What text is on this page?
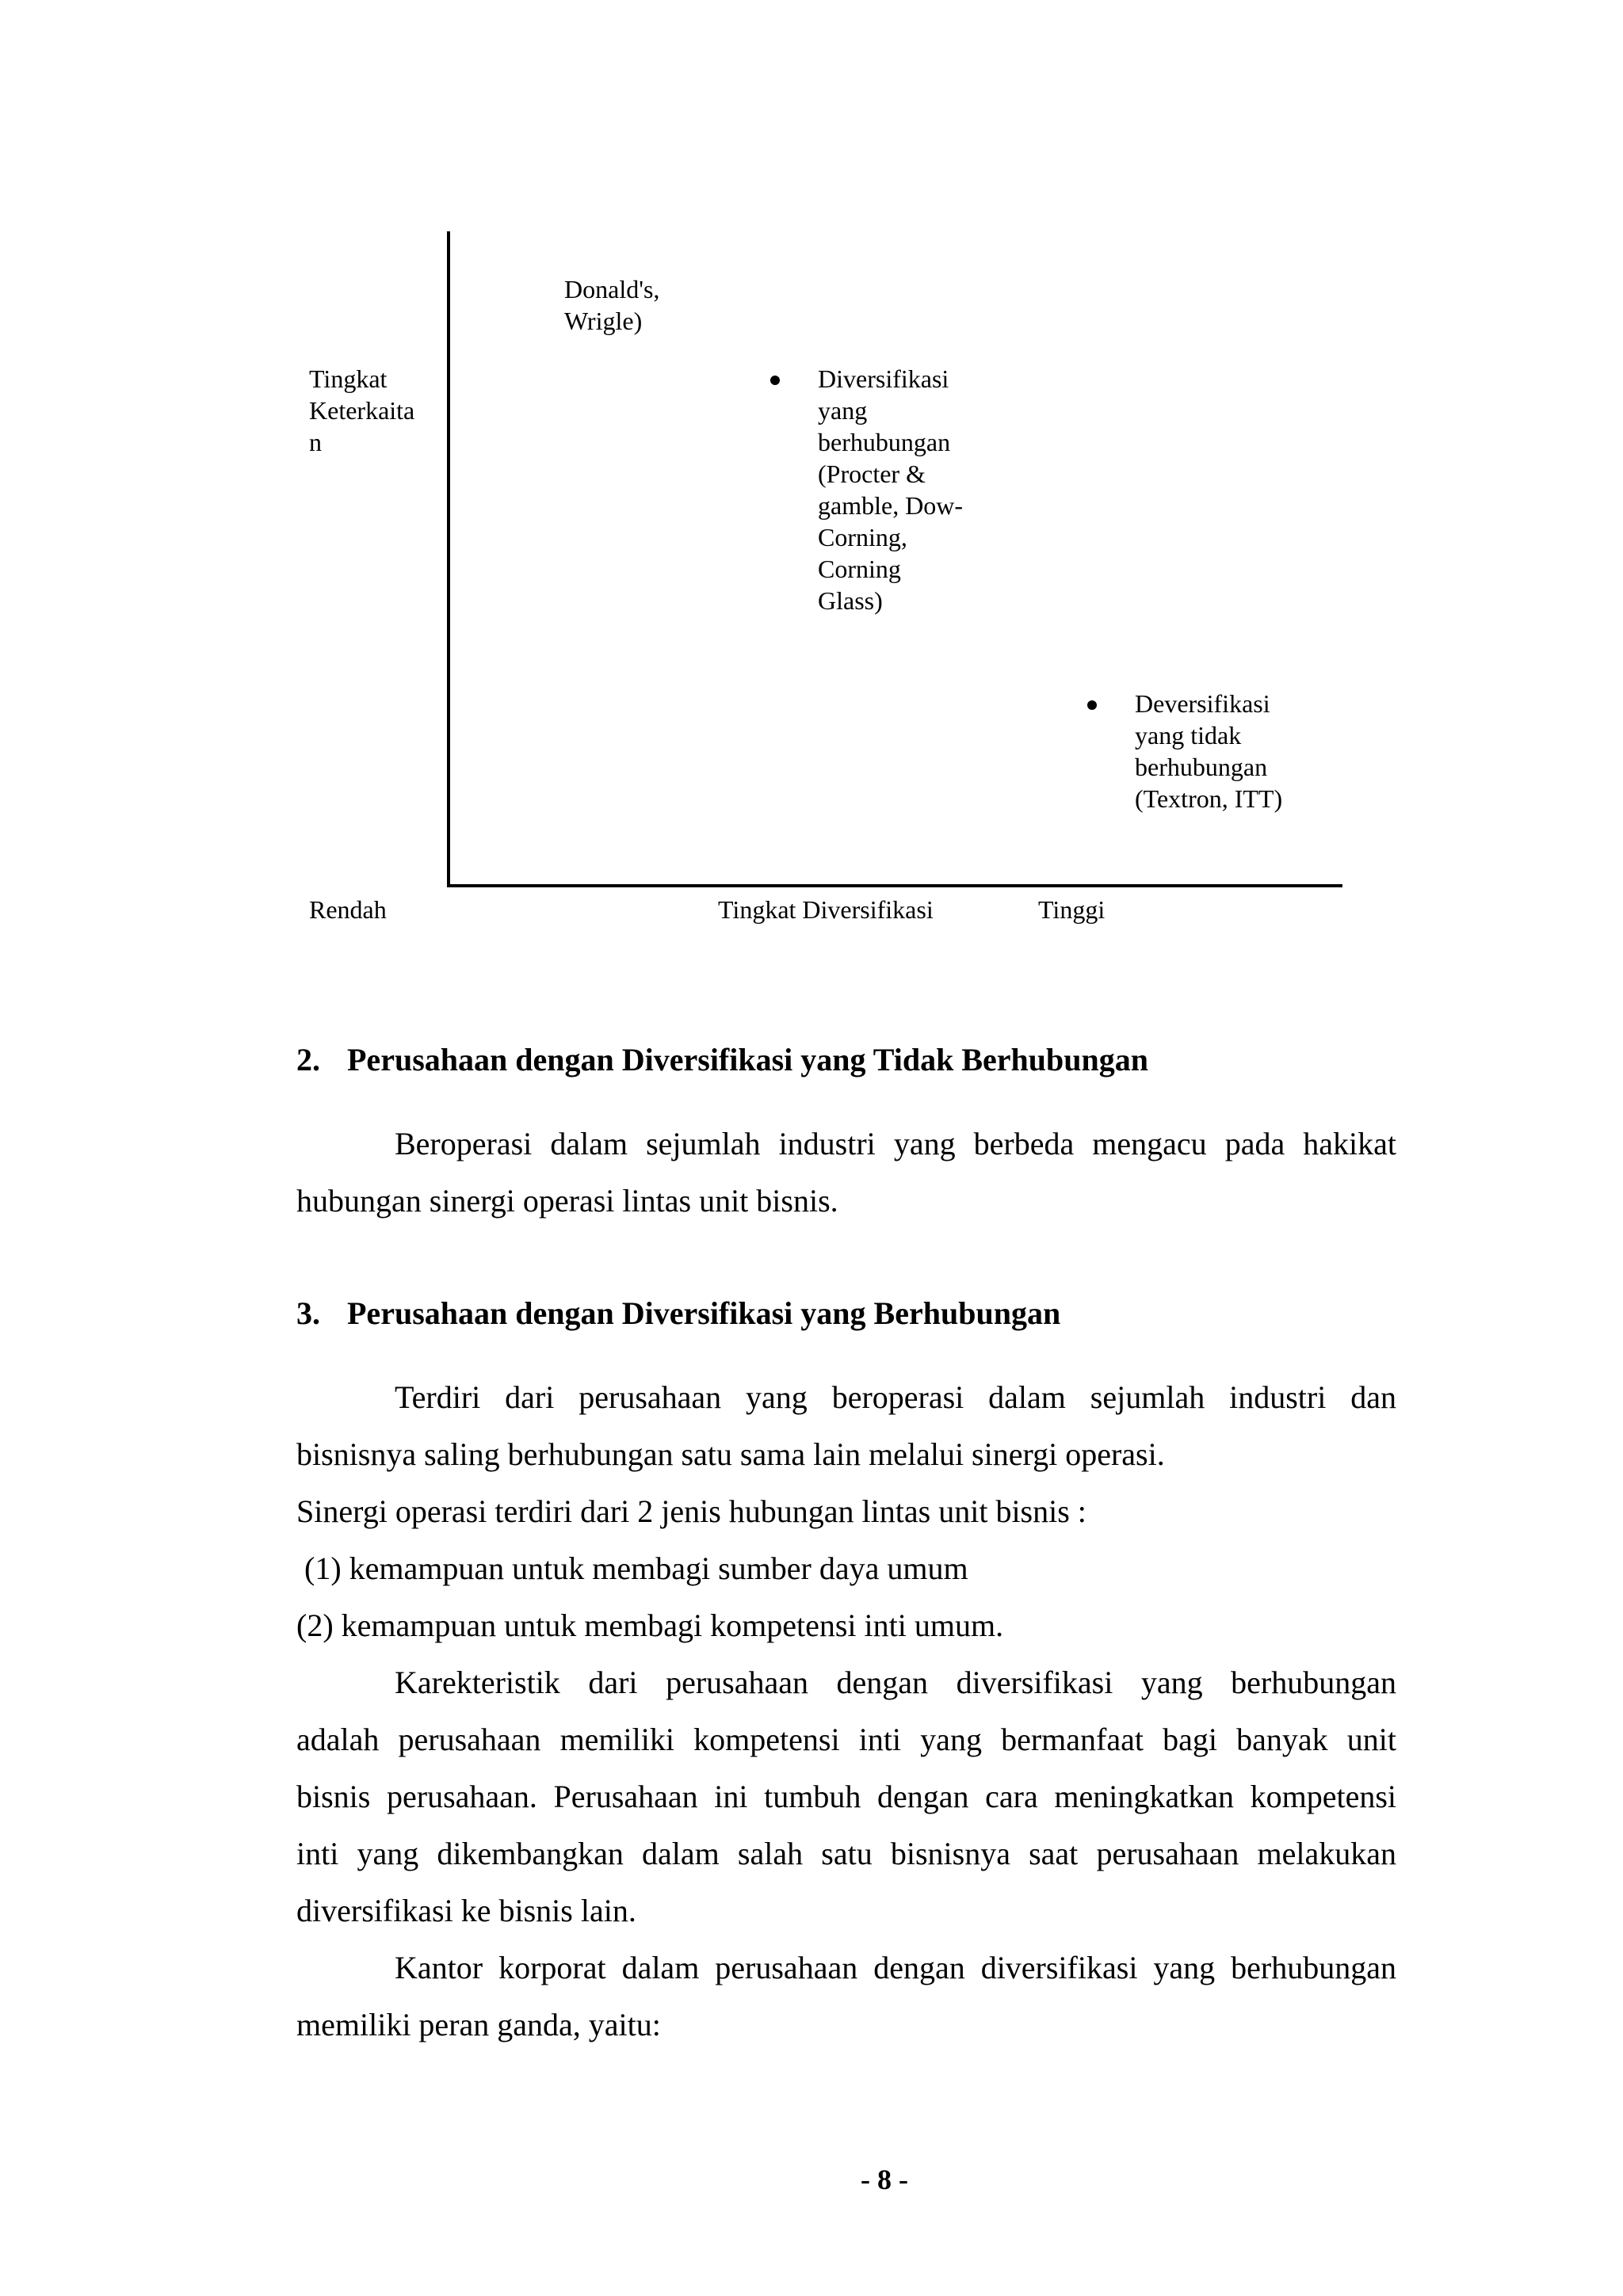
Donald's,
Wrigle)
Tingkat
Keterkaita
n
Diversifikasi
yang
berhubungan
(Procter &
gamble, Dow-
Corning,
Corning
Glass)
Deversifikasi
yang tidak
berhubungan
(Textron, ITT)
Rendah	Tingkat Diversifikasi	Tinggi
2. Perusahaan dengan Diversifikasi yang Tidak Berhubungan
Beroperasi dalam sejumlah industri yang berbeda mengacu pada hakikat
hubungan sinergi operasi lintas unit bisnis.
3. Perusahaan dengan Diversifikasi yang Berhubungan
Terdiri dari perusahaan yang beroperasi dalam sejumlah industri dan
bisnisnya saling berhubungan satu sama lain melalui sinergi operasi.
Sinergi operasi terdiri dari 2 jenis hubungan lintas unit bisnis :
(1) kemampuan untuk membagi sumber daya umum
(2) kemampuan untuk membagi kompetensi inti umum.
Karekteristik dari perusahaan dengan diversifikasi yang berhubungan
adalah perusahaan memiliki kompetensi inti yang bermanfaat bagi banyak unit
bisnis perusahaan. Perusahaan ini tumbuh dengan cara meningkatkan kompetensi
inti yang dikembangkan dalam salah satu bisnisnya saat perusahaan melakukan
diversifikasi ke bisnis lain.
Kantor korporat dalam perusahaan dengan diversifikasi yang berhubungan
memiliki peran ganda, yaitu:
- 8 -
